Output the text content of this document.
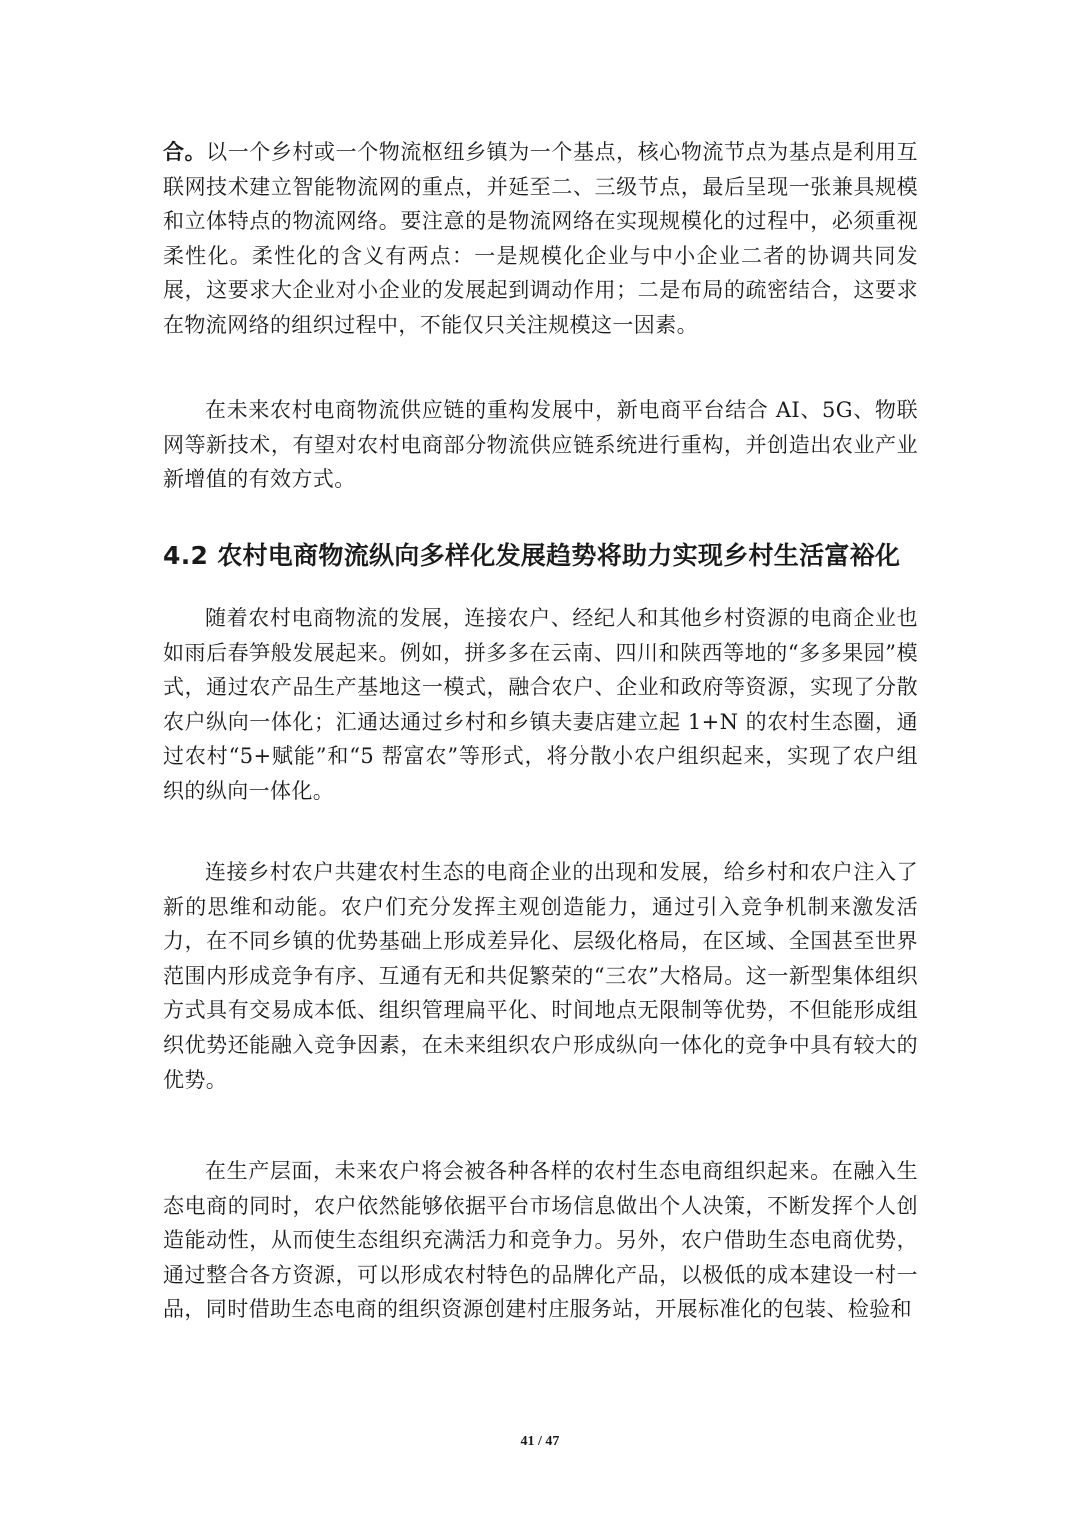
合。以一个乡村或一个物流枢纽乡镇为一个基点，核心物流节点为基点是利用互联网技术建立智能物流网的重点，并延至二、三级节点，最后呈现一张兼具规模和立体特点的物流网络。要注意的是物流网络在实现规模化的过程中，必须重视柔性化。柔性化的含义有两点：一是规模化企业与中小企业二者的协调共同发展，这要求大企业对小企业的发展起到调动作用；二是布局的疏密结合，这要求在物流网络的组织过程中，不能仅只关注规模这一因素。

在未来农村电商物流供应链的重构发展中，新电商平台结合 AI、5G、物联网等新技术，有望对农村电商部分物流供应链系统进行重构，并创造出农业产业新增值的有效方式。

4.2 农村电商物流纵向多样化发展趋势将助力实现乡村生活富裕化

随着农村电商物流的发展，连接农户、经纪人和其他乡村资源的电商企业也如雨后春笋般发展起来。例如，拼多多在云南、四川和陕西等地的“多多果园”模式，通过农产品生产基地这一模式，融合农户、企业和政府等资源，实现了分散农户纵向一体化；汇通达通过乡村和乡镇夫妻店建立起 1+N 的农村生态圈，通过农村“5+赋能”和“5 帮富农”等形式，将分散小农户组织起来，实现了农户组织的纵向一体化。

连接乡村农户共建农村生态的电商企业的出现和发展，给乡村和农户注入了新的思维和动能。农户们充分发挥主观创造能力，通过引入竞争机制来激发活力，在不同乡镇的优势基础上形成差异化、层级化格局，在区域、全国甚至世界范围内形成竞争有序、互通有无和共促繁荣的“三农”大格局。这一新型集体组织方式具有交易成本低、组织管理扁平化、时间地点无限制等优势，不但能形成组织优势还能融入竞争因素，在未来组织农户形成纵向一体化的竞争中具有较大的优势。

在生产层面，未来农户将会被各种各样的农村生态电商组织起来。在融入生态电商的同时，农户依然能够依据平台市场信息做出个人决策，不断发挥个人创造能动性，从而使生态组织充满活力和竞争力。另外，农户借助生态电商优势，通过整合各方资源，可以形成农村特色的品牌化产品，以极低的成本建设一村一品，同时借助生态电商的组织资源创建村庄服务站，开展标准化的包装、检验和

41 / 47
